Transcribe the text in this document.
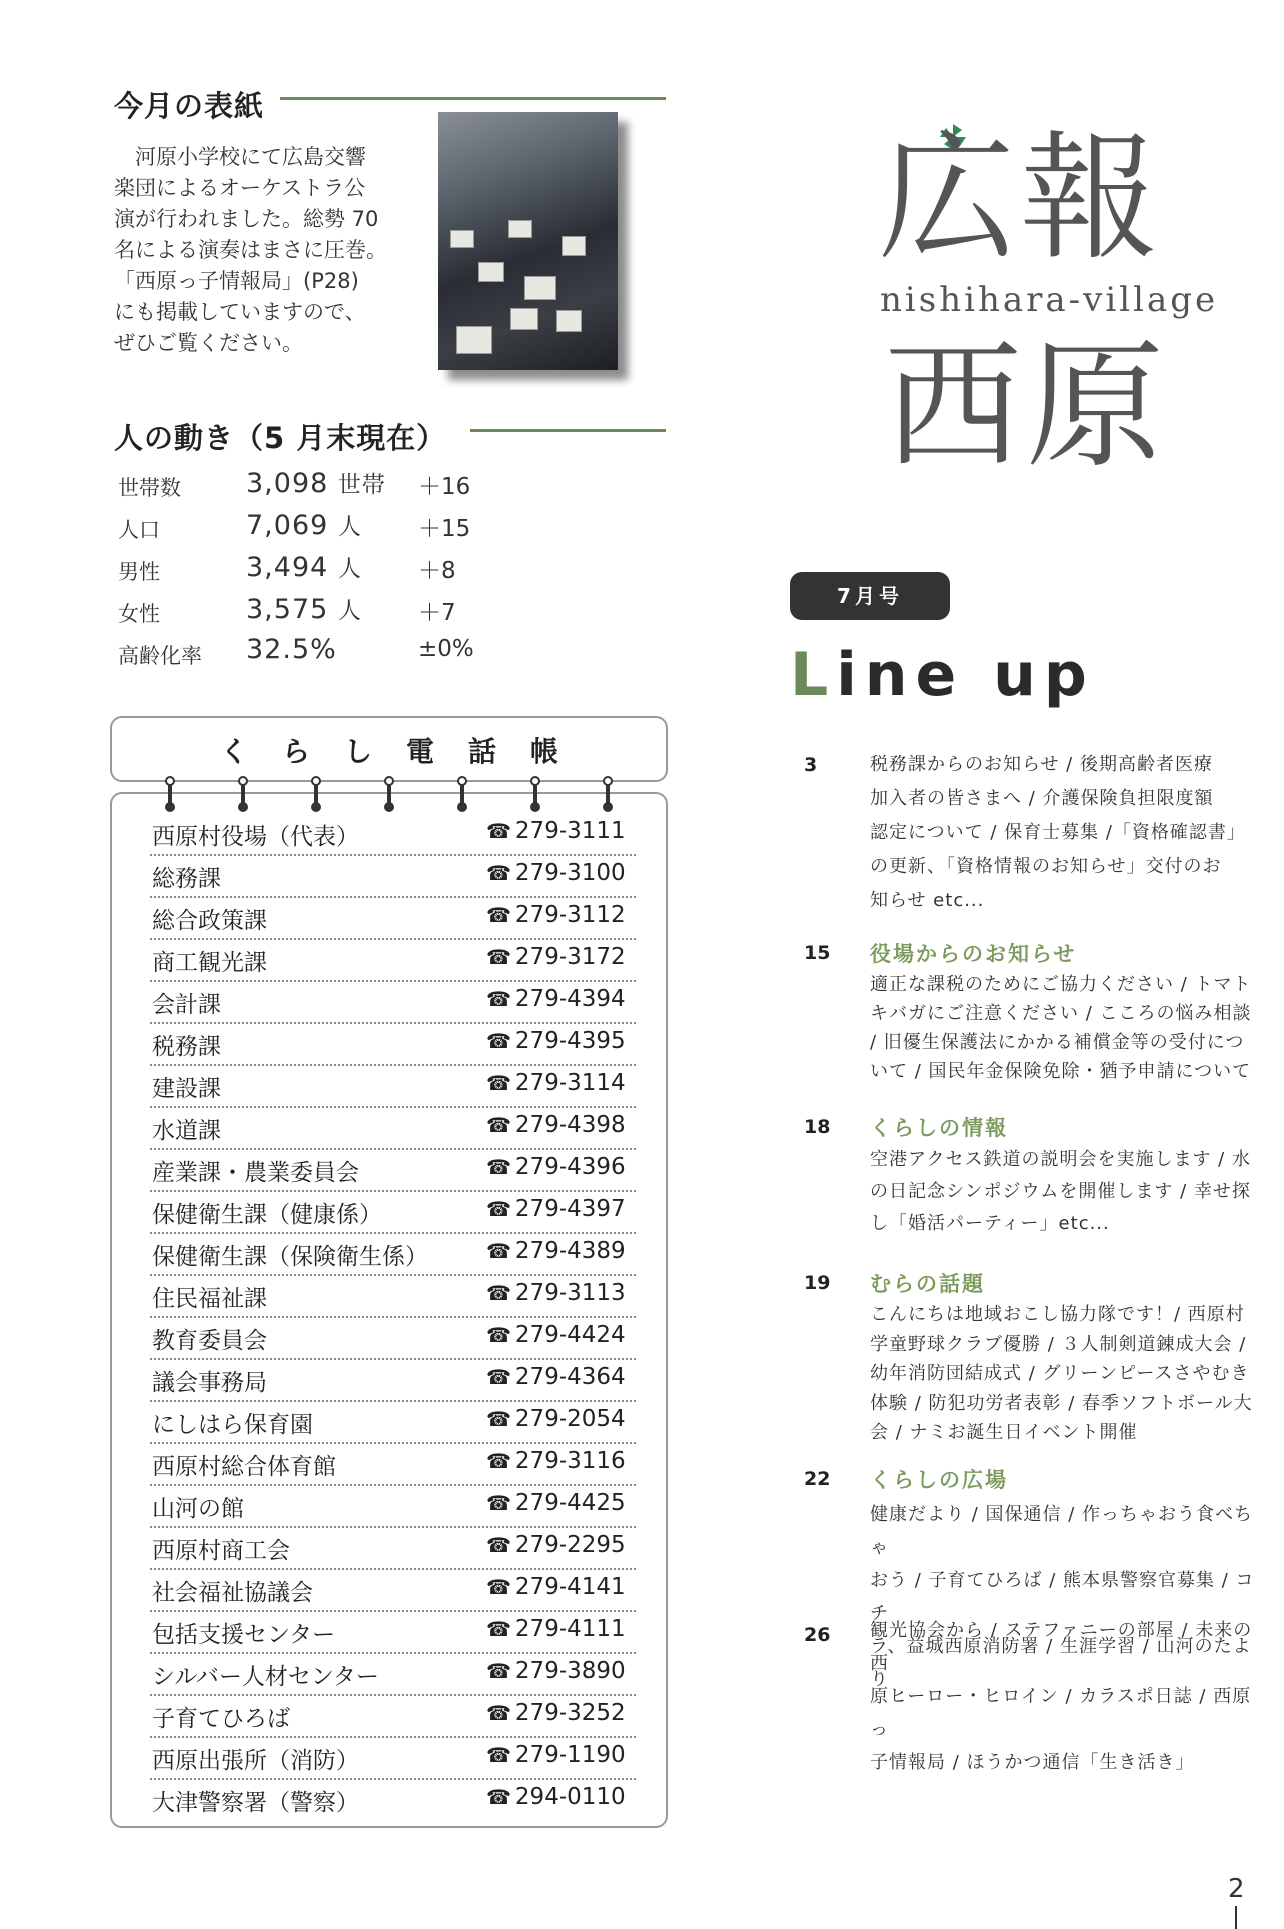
今月の表紙
　河原小学校にて広島交響
楽団によるオーケストラ公
演が行われました。総勢 70
名による演奏はまさに圧巻。
「西原っ子情報局」(P28)
にも掲載していますので、
ぜひご覧ください。
人の動き（5 月末現在）
世帯数 3,098 世帯 ＋16
人口	7,069 人 ＋15
男性	3,494 人 ＋8
女性	3,575 人 ＋7
高齢化率 32.5%	±0%
くらし電話帳
西原村役場（代表）	☎ 279-3111
総務課	☎ 279-3100
総合政策課	☎ 279-3112
商工観光課	☎ 279-3172
会計課	☎ 279-4394
税務課	☎ 279-4395
建設課	☎ 279-3114
水道課	☎ 279-4398
産業課・農業委員会	☎ 279-4396
保健衛生課（健康係）	☎ 279-4397
保健衛生課（保険衛生係）	☎ 279-4389
住民福祉課	☎ 279-3113
教育委員会	☎ 279-4424
議会事務局	☎ 279-4364
にしはら保育園	☎ 279-2054
西原村総合体育館	☎ 279-3116
山河の館	☎ 279-4425
西原村商工会	☎ 279-2295
社会福祉協議会	☎ 279-4141
包括支援センター	☎ 279-4111
シルバー人材センター	☎ 279-3890
子育てひろば	☎ 279-3252
西原出張所（消防）	☎ 279-1190
大津警察署（警察）	☎ 294-0110
広報
nishihara-village
西原
7月号
Line up
3	税務課からのお知らせ / 後期高齢者医療
加入者の皆さまへ / 介護保険負担限度額
認定について / 保育士募集 /「資格確認書」
の更新、「資格情報のお知らせ」交付のお
知らせ etc...
15 役場からのお知らせ
適正な課税のためにご協力ください / トマト
キバガにご注意ください / こころの悩み相談
/ 旧優生保護法にかかる補償金等の受付につ
いて / 国民年金保険免除・猶予申請について
18 くらしの情報
空港アクセス鉄道の説明会を実施します / 水
の日記念シンポジウムを開催します / 幸せ探
し「婚活パーティー」etc...
19 むらの話題
こんにちは地域おこし協力隊です！/ 西原村
学童野球クラブ優勝 / ３人制剣道錬成大会 /
幼年消防団結成式 / グリーンピースさやむき
体験 / 防犯功労者表彰 / 春季ソフトボール大
会 / ナミお誕生日イベント開催
22 くらしの広場
健康だより / 国保通信 / 作っちゃおう食べちゃ
おう / 子育てひろば / 熊本県警察官募集 / コチ
ラ、益城西原消防署 / 生涯学習 / 山河のたより
26 観光協会から / ステファニーの部屋 / 未来の西
原ヒーロー・ヒロイン / カラスポ日誌 / 西原っ
子情報局 / ほうかつ通信「生き活き」
2
